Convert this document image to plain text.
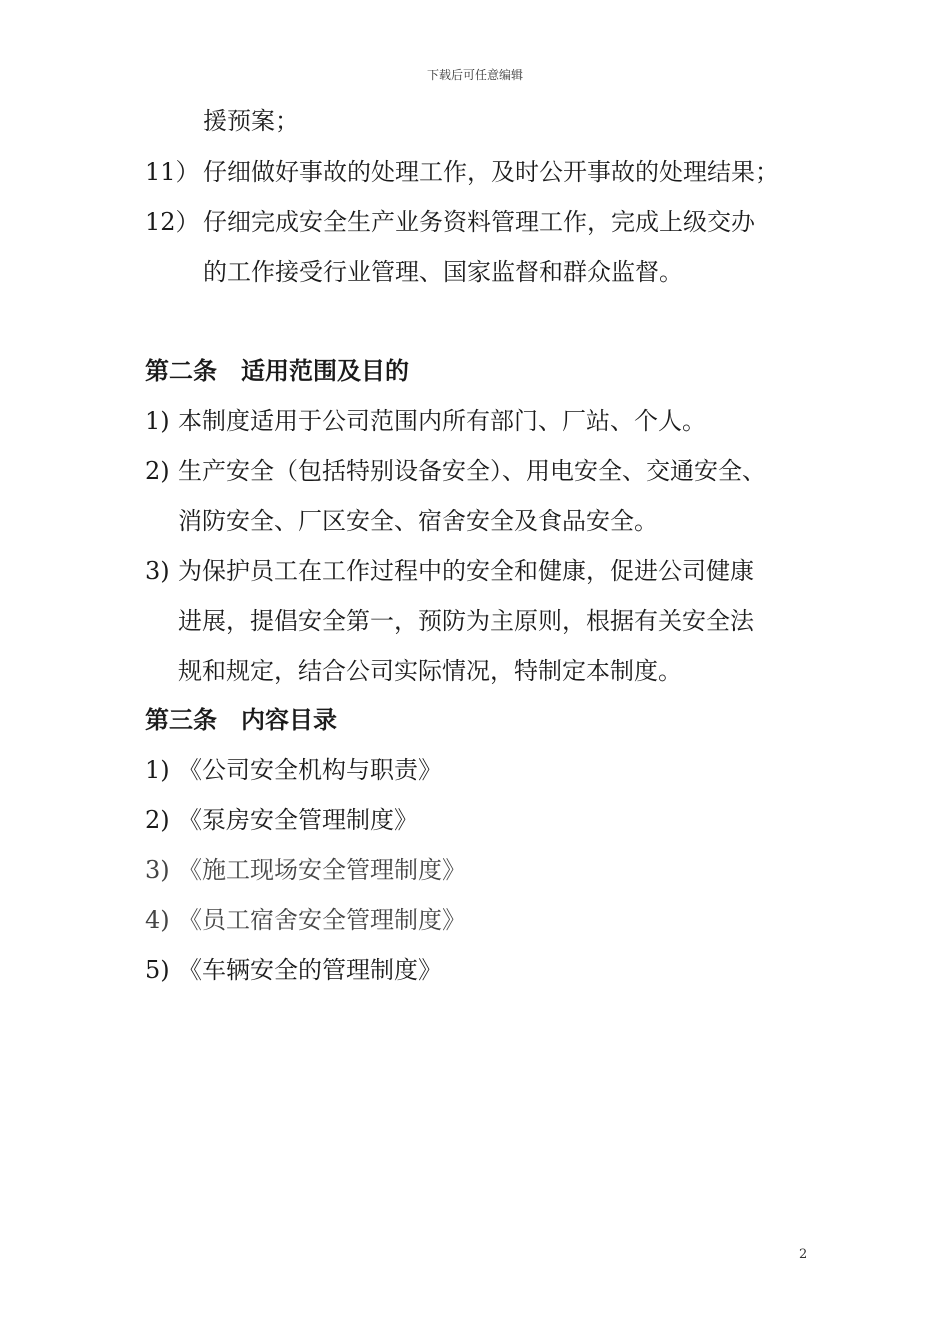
下载后可任意编辑
援预案；
11） 仔细做好事故的处理工作，及时公开事故的处理结果；
12） 仔细完成安全生产业务资料管理工作，完成上级交办
的工作接受行业管理、国家监督和群众监督。
第二条　适用范围及目的
1) 本制度适用于公司范围内所有部门、厂站、个人。
2) 生产安全（包括特别设备安全）、用电安全、交通安全、
消防安全、厂区安全、宿舍安全及食品安全。
3) 为保护员工在工作过程中的安全和健康，促进公司健康
进展，提倡安全第一，预防为主原则，根据有关安全法
规和规定，结合公司实际情况，特制定本制度。
第三条　内容目录
1) 《公司安全机构与职责》
2) 《泵房安全管理制度》
3) 《施工现场安全管理制度》
4) 《员工宿舍安全管理制度》
5) 《车辆安全的管理制度》
2
